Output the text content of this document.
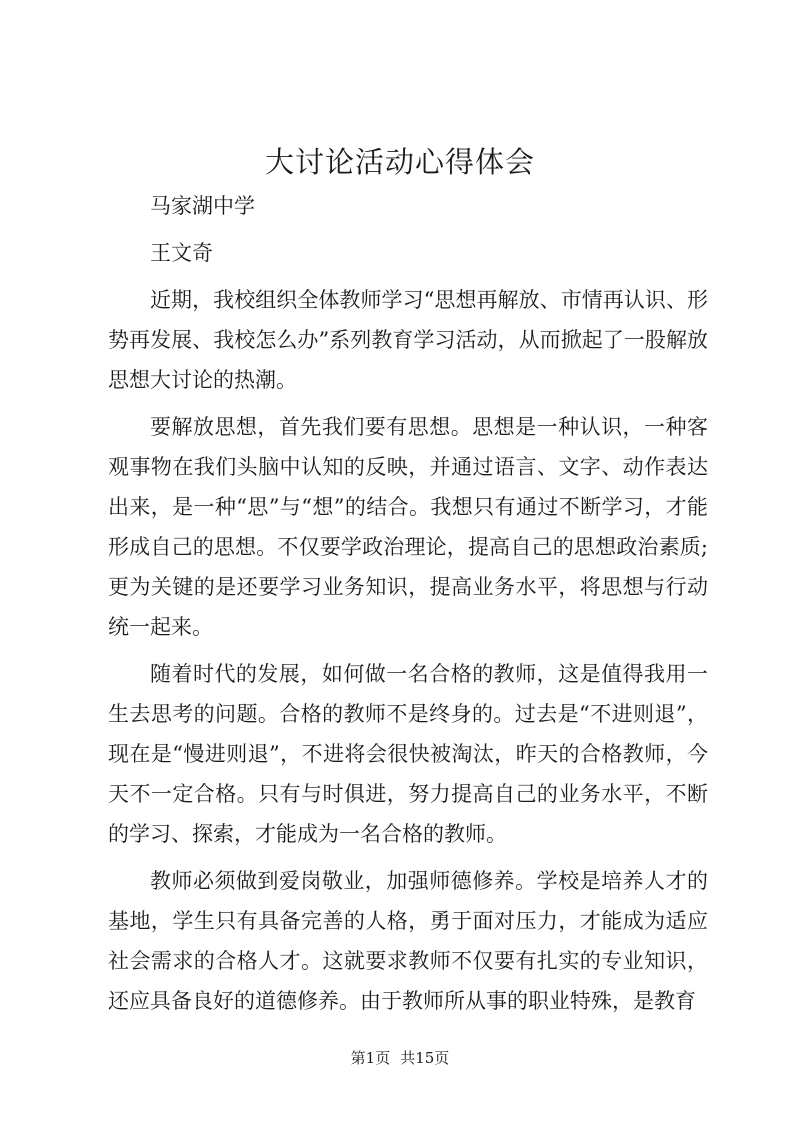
大讨论活动心得体会

马家湖中学

王文奇

近期，我校组织全体教师学习“思想再解放、市情再认识、形势再发展、我校怎么办”系列教育学习活动，从而掀起了一股解放思想大讨论的热潮。

要解放思想，首先我们要有思想。思想是一种认识，一种客观事物在我们头脑中认知的反映，并通过语言、文字、动作表达出来，是一种“思”与“想”的结合。我想只有通过不断学习，才能形成自己的思想。不仅要学政治理论，提高自己的思想政治素质;更为关键的是还要学习业务知识，提高业务水平，将思想与行动统一起来。

随着时代的发展，如何做一名合格的教师，这是值得我用一生去思考的问题。合格的教师不是终身的。过去是“不进则退”，现在是“慢进则退”，不进将会很快被淘汰，昨天的合格教师，今天不一定合格。只有与时俱进，努力提高自己的业务水平，不断的学习、探索，才能成为一名合格的教师。

教师必须做到爱岗敬业，加强师德修养。学校是培养人才的基地，学生只有具备完善的人格，勇于面对压力，才能成为适应社会需求的合格人才。这就要求教师不仅要有扎实的专业知识，还应具备良好的道德修养。由于教师所从事的职业特殊，是教育

第1页 共15页
